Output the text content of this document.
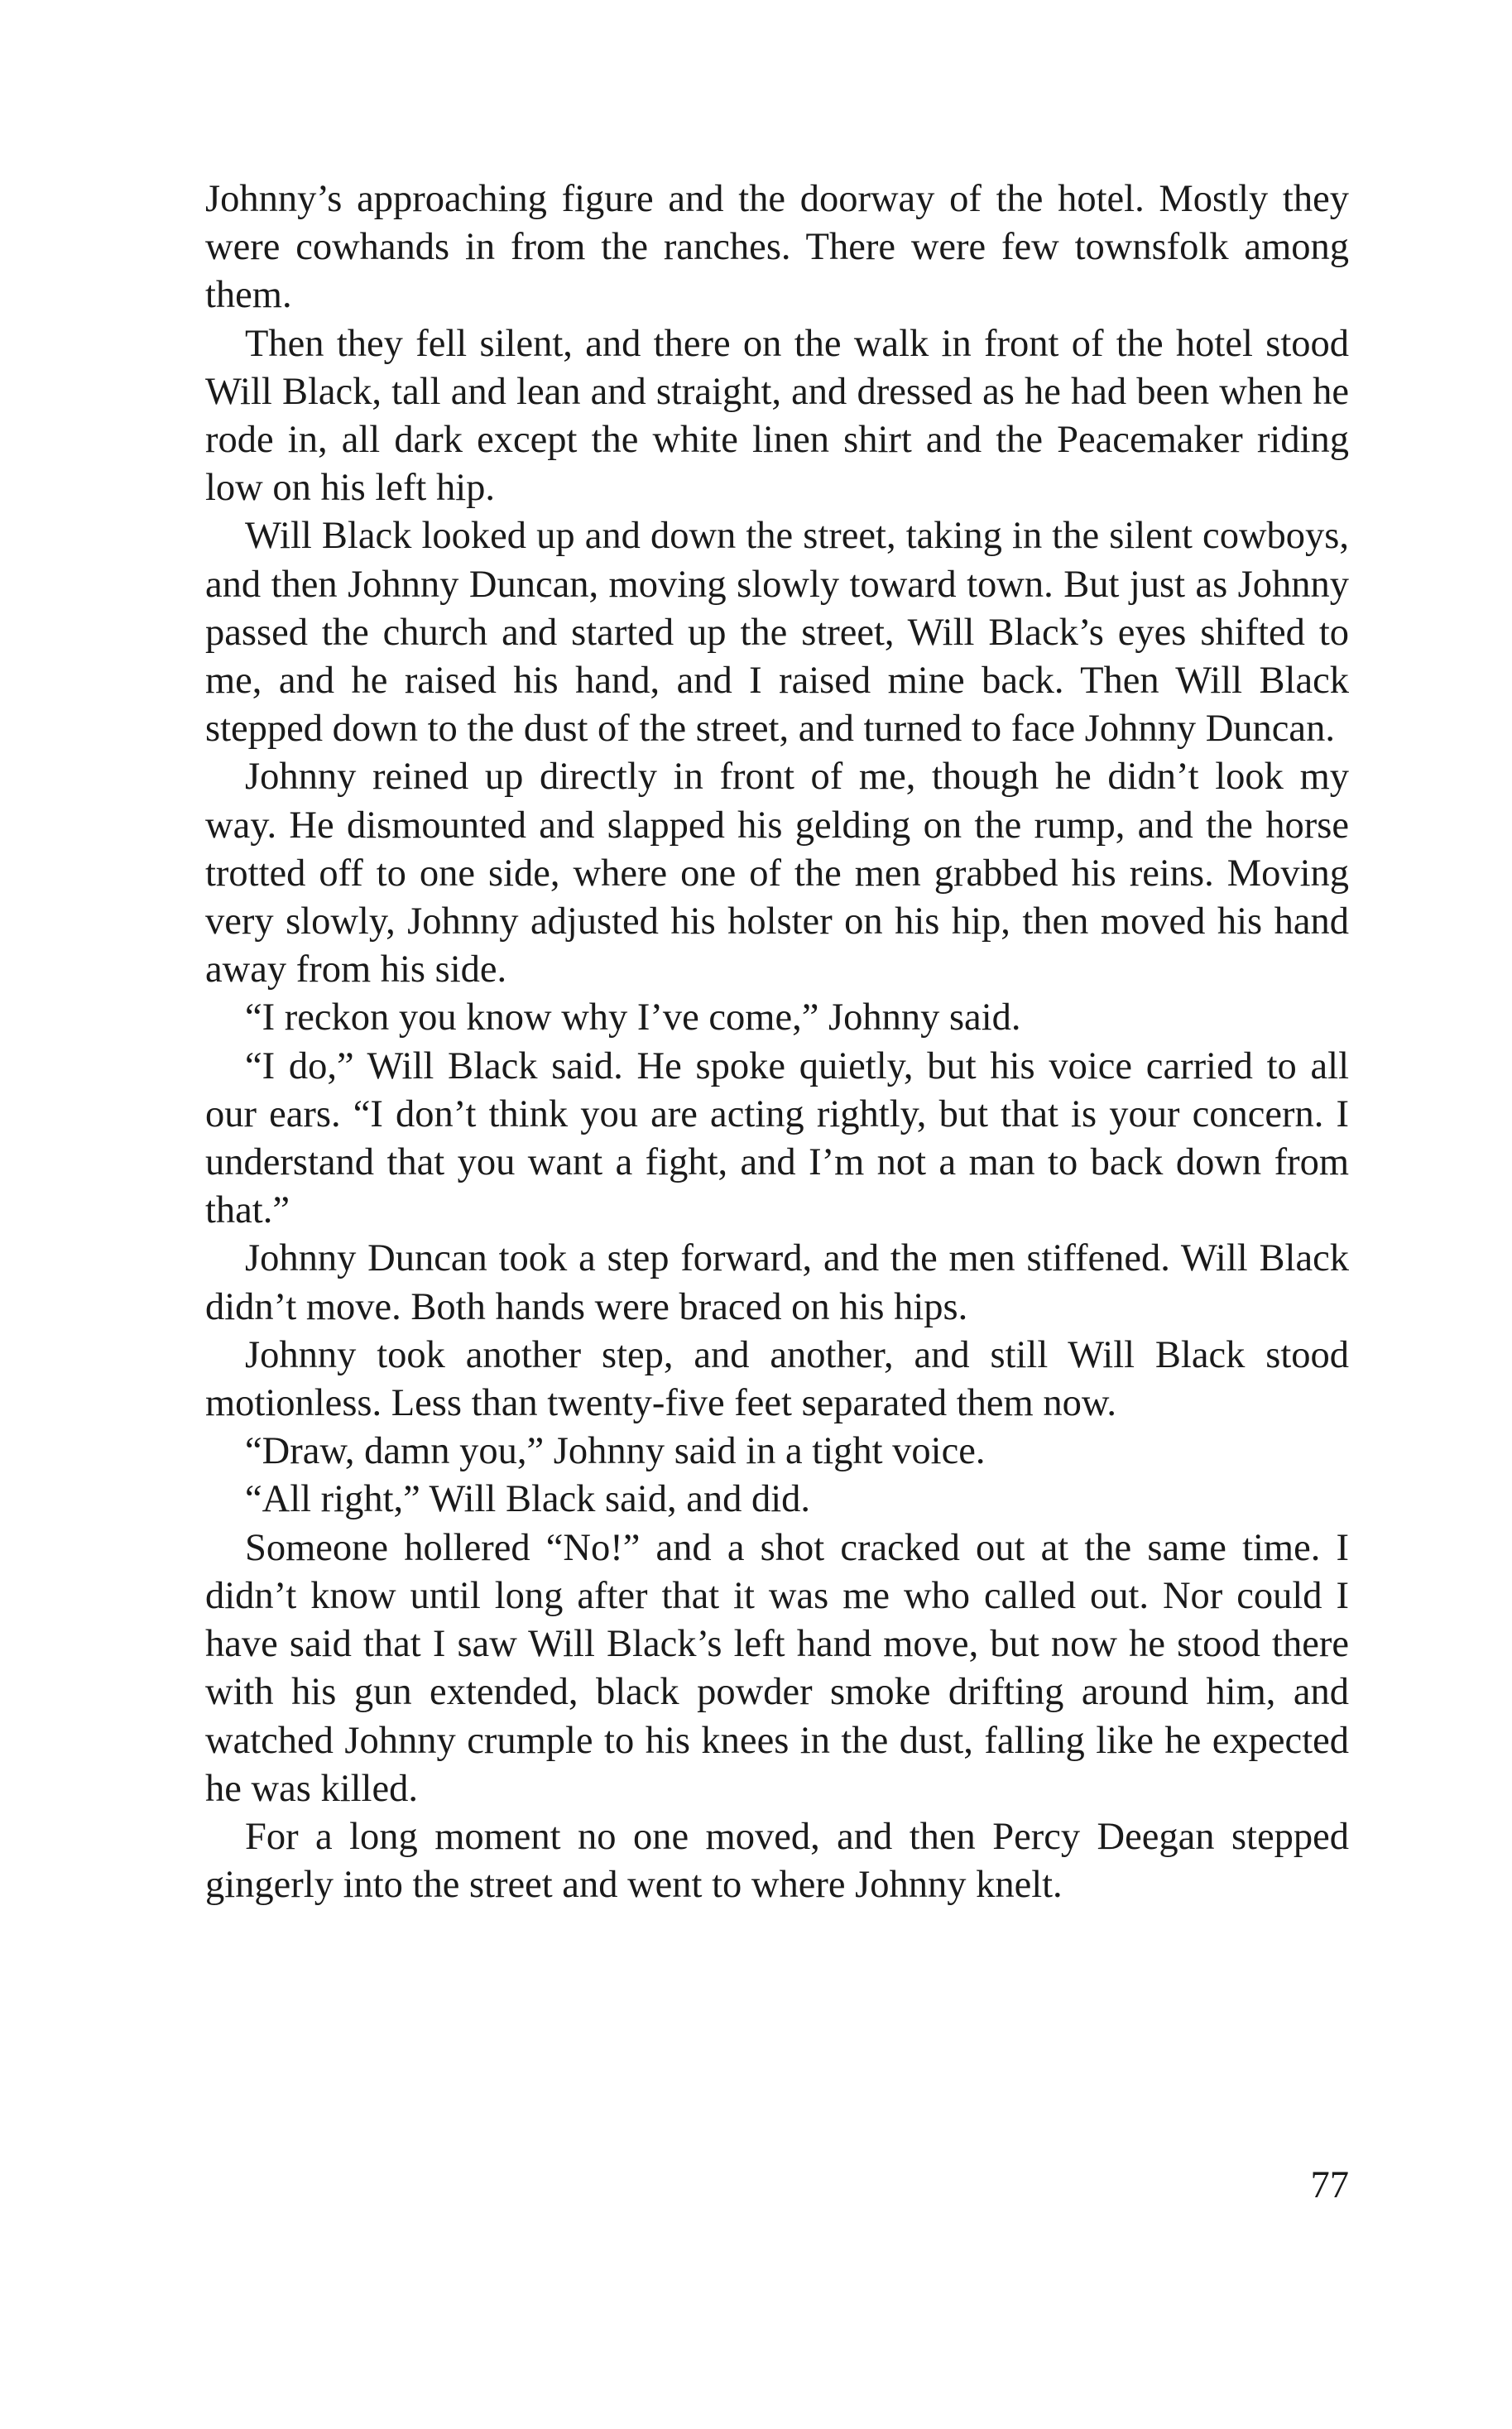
Johnny’s approaching figure and the doorway of the hotel. Mostly they were cowhands in from the ranches. There were few townsfolk among them.

Then they fell silent, and there on the walk in front of the hotel stood Will Black, tall and lean and straight, and dressed as he had been when he rode in, all dark except the white linen shirt and the Peacemaker riding low on his left hip.

Will Black looked up and down the street, taking in the silent cowboys, and then Johnny Duncan, moving slowly toward town. But just as Johnny passed the church and started up the street, Will Black’s eyes shifted to me, and he raised his hand, and I raised mine back. Then Will Black stepped down to the dust of the street, and turned to face Johnny Duncan.

Johnny reined up directly in front of me, though he didn’t look my way. He dismounted and slapped his gelding on the rump, and the horse trotted off to one side, where one of the men grabbed his reins. Moving very slowly, Johnny adjusted his holster on his hip, then moved his hand away from his side.

“I reckon you know why I’ve come,” Johnny said.

“I do,” Will Black said. He spoke quietly, but his voice carried to all our ears. “I don’t think you are acting rightly, but that is your concern. I understand that you want a fight, and I’m not a man to back down from that.”

Johnny Duncan took a step forward, and the men stiffened. Will Black didn’t move. Both hands were braced on his hips.

Johnny took another step, and another, and still Will Black stood motionless. Less than twenty-five feet separated them now.

“Draw, damn you,” Johnny said in a tight voice.

“All right,” Will Black said, and did.

Someone hollered “No!” and a shot cracked out at the same time. I didn’t know until long after that it was me who called out. Nor could I have said that I saw Will Black’s left hand move, but now he stood there with his gun extended, black powder smoke drifting around him, and watched Johnny crumple to his knees in the dust, falling like he expected he was killed.

For a long moment no one moved, and then Percy Deegan stepped gingerly into the street and went to where Johnny knelt.

77
